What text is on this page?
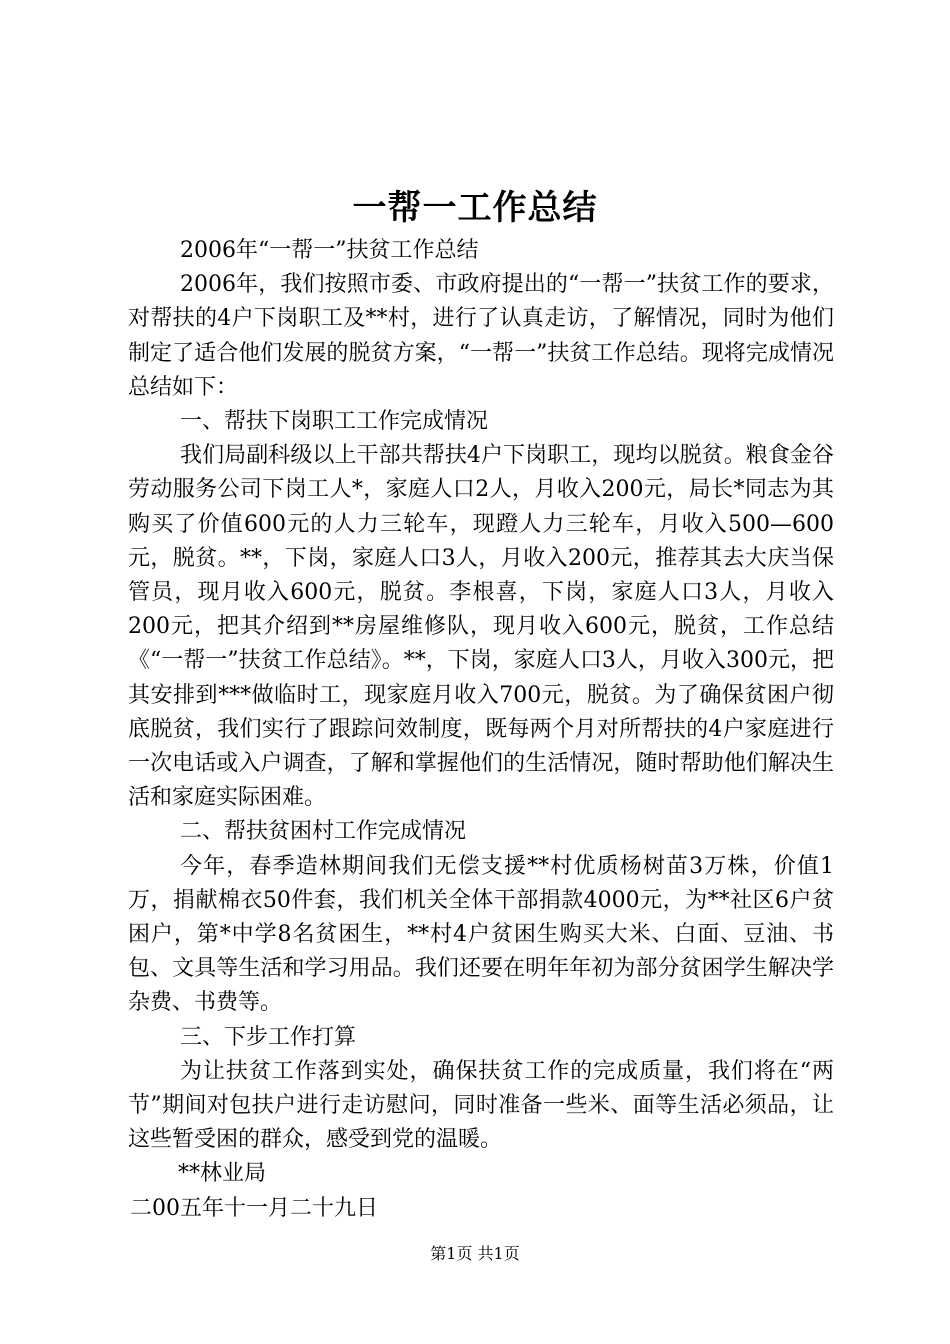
一帮一工作总结

2006年“一帮一”扶贫工作总结

2006年，我们按照市委、市政府提出的“一帮一”扶贫工作的要求，对帮扶的4户下岗职工及**村，进行了认真走访，了解情况，同时为他们制定了适合他们发展的脱贫方案，“一帮一”扶贫工作总结。现将完成情况总结如下：

一、帮扶下岗职工工作完成情况

我们局副科级以上干部共帮扶4户下岗职工，现均以脱贫。粮食金谷劳动服务公司下岗工人*，家庭人口2人，月收入200元，局长*同志为其购买了价值600元的人力三轮车，现蹬人力三轮车，月收入500—600元，脱贫。**，下岗，家庭人口3人，月收入200元，推荐其去大庆当保管员，现月收入600元，脱贫。李根喜，下岗，家庭人口3人，月收入200元，把其介绍到**房屋维修队，现月收入600元，脱贫，工作总结《“一帮一”扶贫工作总结》。**，下岗，家庭人口3人，月收入300元，把其安排到***做临时工，现家庭月收入700元，脱贫。为了确保贫困户彻底脱贫，我们实行了跟踪问效制度，既每两个月对所帮扶的4户家庭进行一次电话或入户调查，了解和掌握他们的生活情况，随时帮助他们解决生活和家庭实际困难。

二、帮扶贫困村工作完成情况

今年，春季造林期间我们无偿支援**村优质杨树苗3万株，价值1万，捐献棉衣50件套，我们机关全体干部捐款4000元，为**社区6户贫困户，第*中学8名贫困生，**村4户贫困生购买大米、白面、豆油、书包、文具等生活和学习用品。我们还要在明年年初为部分贫困学生解决学杂费、书费等。

三、下步工作打算

为让扶贫工作落到实处，确保扶贫工作的完成质量，我们将在“两节”期间对包扶户进行走访慰问，同时准备一些米、面等生活必须品，让这些暂受困的群众，感受到党的温暖。

**林业局

二00五年十一月二十九日

第1页 共1页
